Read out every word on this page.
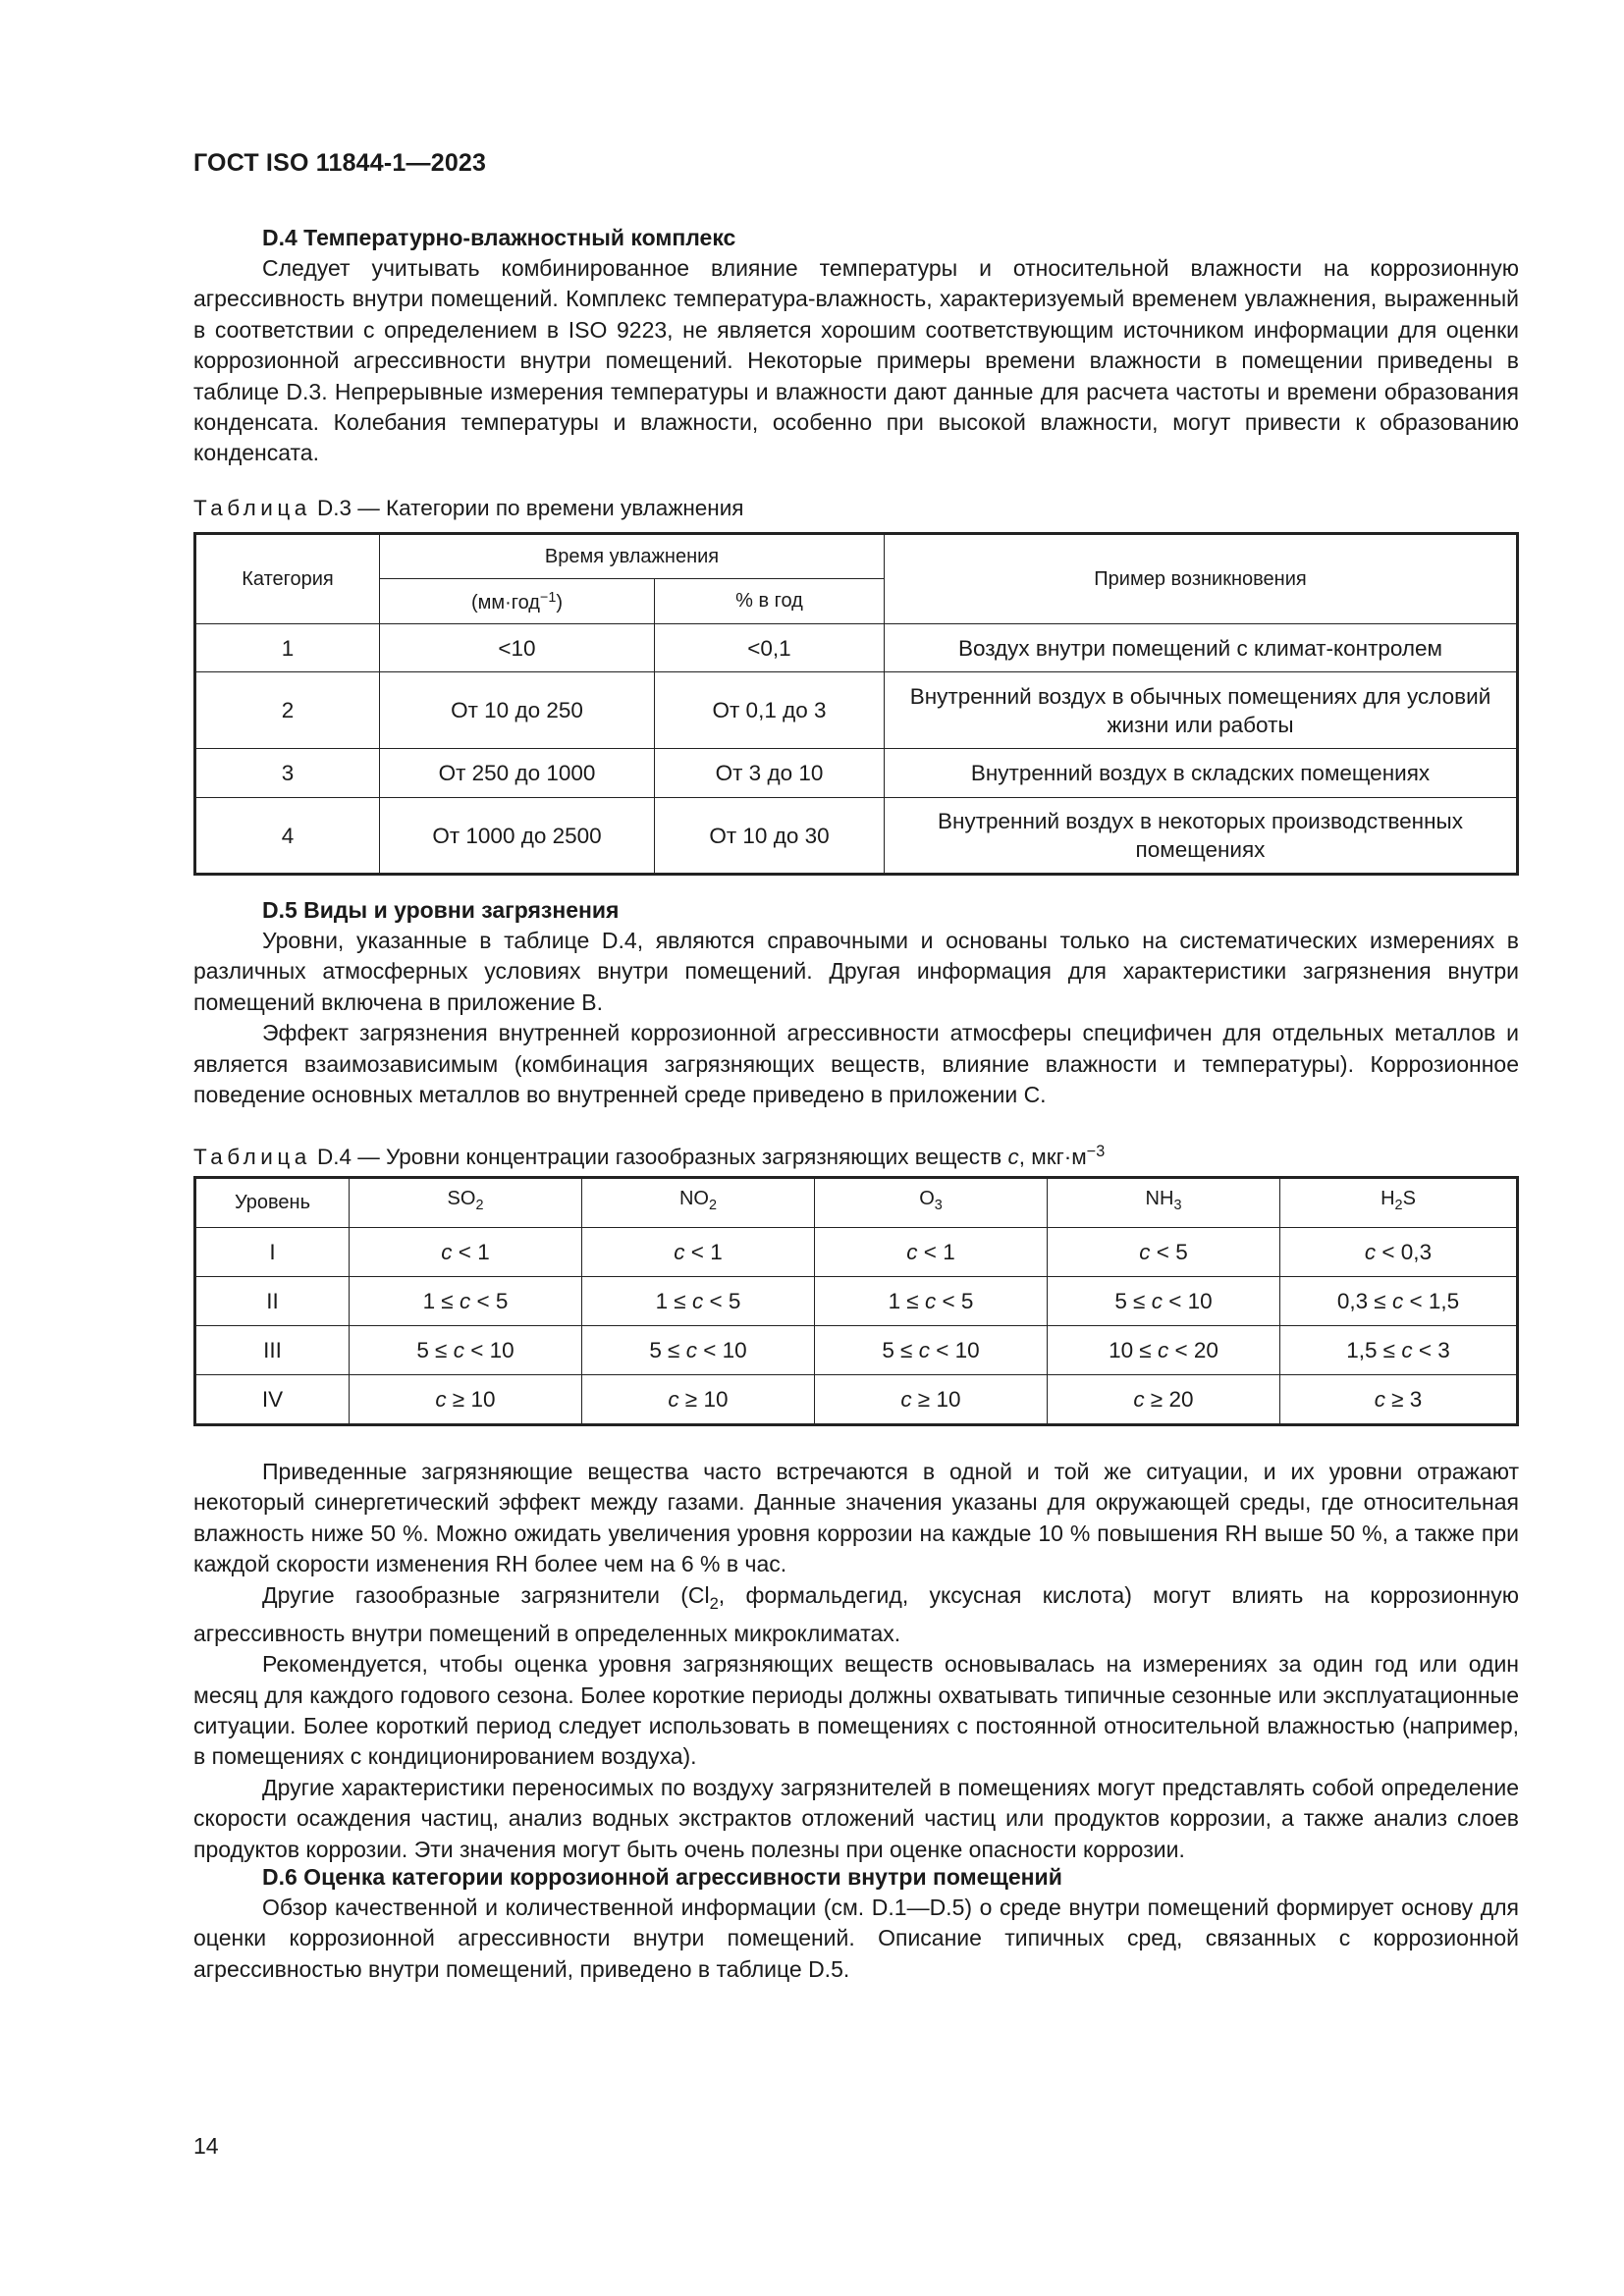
ГОСТ ISO 11844-1—2023
D.4 Температурно-влажностный комплекс

Следует учитывать комбинированное влияние температуры и относительной влажности на коррозионную агрессивность внутри помещений. Комплекс температура-влажность, характеризуемый временем увлажнения, выраженный в соответствии с определением в ISO 9223, не является хорошим соответствующим источником информации для оценки коррозионной агрессивности внутри помещений. Некоторые примеры времени влажности в помещении приведены в таблице D.3. Непрерывные измерения температуры и влажности дают данные для расчета частоты и времени образования конденсата. Колебания температуры и влажности, особенно при высокой влажности, могут привести к образованию конденсата.

Таблица D.3 — Категории по времени увлажнения
Категория	Время увлажнения		Пример возникновения
	(мм·год$^{-1}$)	% в год	
1	<10	<0,1	Воздух внутри помещений с климат-контролем
2	От 10 до 250	От 0,1 до 3	Внутренний воздух в обычных помещениях для условий жизни или работы
3	От 250 до 1000	От 3 до 10	Внутренний воздух в складских помещениях
4	От 1000 до 2500	От 10 до 30	Внутренний воздух в некоторых производственных помещениях
D.5 Виды и уровни загрязнения

Уровни, указанные в таблице D.4, являются справочными и основаны только на систематических измерениях в различных атмосферных условиях внутри помещений. Другая информация для характеристики загрязнения внутри помещений включена в приложение B.

Эффект загрязнения внутренней коррозионной агрессивности атмосферы специфичен для отдельных металлов и является взаимозависимым (комбинация загрязняющих веществ, влияние влажности и температуры). Коррозионное поведение основных металлов во внутренней среде приведено в приложении C.

Таблица D.4 — Уровни концентрации газообразных загрязняющих веществ c, $мкг\cdot м^{-3}$
Уровень	$SO_2$	$NO_2$	$O_3$	$NH_3$	$H_2S$
I	c < 1	c < 1	c < 1	c < 5	c < 0,3
II	1 ≤ c < 5	1 ≤ c < 5	1 ≤ c < 5	5 ≤ c < 10	0,3 ≤ c < 1,5
III	5 ≤ c < 10	5 ≤ c < 10	5 ≤ c < 10	10 ≤ c < 20	1,5 ≤ c < 3
IV	c ≥ 10	c ≥ 10	c ≥ 10	c ≥ 20	c ≥ 3

Приведенные загрязняющие вещества часто встречаются в одной и той же ситуации, и их уровни отражают некоторый синергетический эффект между газами. Данные значения указаны для окружающей среды, где относительная влажность ниже 50 %. Можно ожидать увеличения уровня коррозии на каждые 10 % повышения RH выше 50 %, а также при каждой скорости изменения RH более чем на 6 % в час.

Другие газообразные загрязнители ($Cl_2$, формальдегид, уксусная кислота) могут влиять на коррозионную агрессивность внутри помещений в определенных микроклиматах.

Рекомендуется, чтобы оценка уровня загрязняющих веществ основывалась на измерениях за один год или один месяц для каждого годового сезона. Более короткие периоды должны охватывать типичные сезонные или эксплуатационные ситуации. Более короткий период следует использовать в помещениях с постоянной относительной влажностью (например, в помещениях с кондиционированием воздуха).

Другие характеристики переносимых по воздуху загрязнителей в помещениях могут представлять собой определение скорости осаждения частиц, анализ водных экстрактов отложений частиц или продуктов коррозии, а также анализ слоев продуктов коррозии. Эти значения могут быть очень полезны при оценке опасности коррозии.

D.6 Оценка категории коррозионной агрессивности внутри помещений

Обзор качественной и количественной информации (см. D.1—D.5) о среде внутри помещений формирует основу для оценки коррозионной агрессивности внутри помещений. Описание типичных сред, связанных с коррозионной агрессивностью внутри помещений, приведено в таблице D.5.

14
